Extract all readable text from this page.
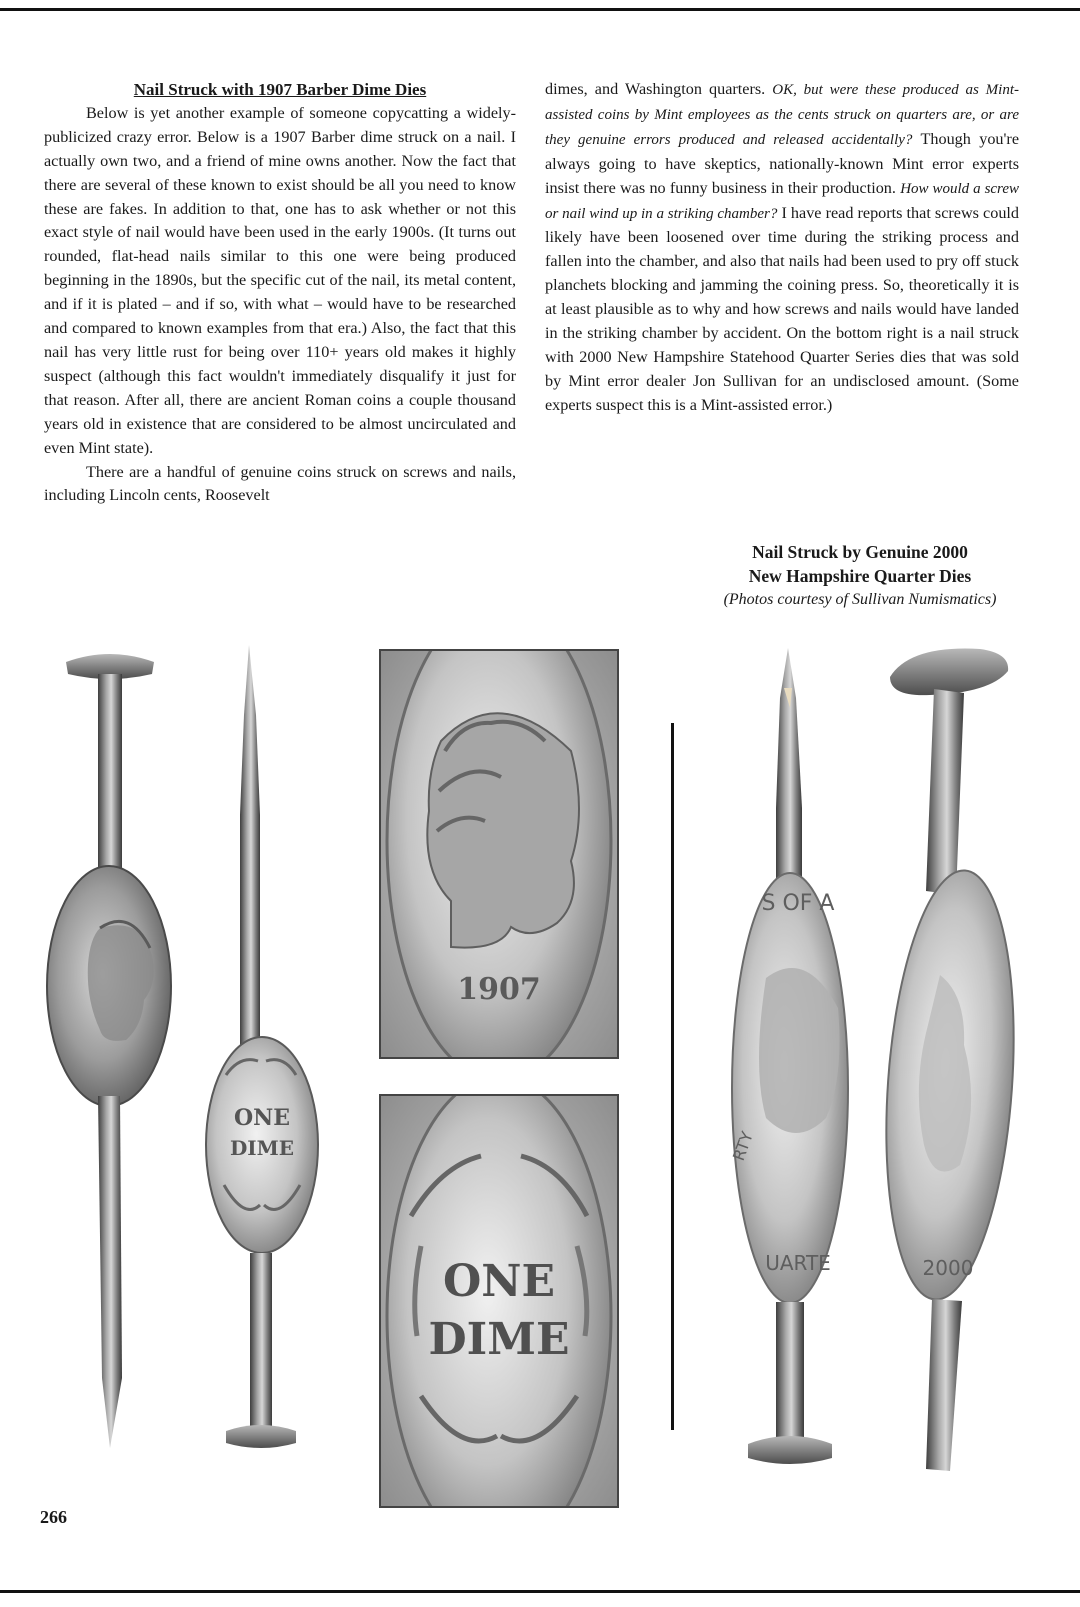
Nail Struck with 1907 Barber Dime Dies

Below is yet another example of someone copycatting a widely-publicized crazy error. Below is a 1907 Barber dime struck on a nail. I actually own two, and a friend of mine owns another. Now the fact that there are several of these known to exist should be all you need to know these are fakes. In addition to that, one has to ask whether or not this exact style of nail would have been used in the early 1900s. (It turns out rounded, flat-head nails similar to this one were being produced beginning in the 1890s, but the specific cut of the nail, its metal content, and if it is plated – and if so, with what – would have to be researched and compared to known examples from that era.) Also, the fact that this nail has very little rust for being over 110+ years old makes it highly suspect (although this fact wouldn't immediately disqualify it just for that reason. After all, there are ancient Roman coins a couple thousand years old in existence that are considered to be almost uncirculated and even Mint state).

There are a handful of genuine coins struck on screws and nails, including Lincoln cents, Roosevelt

dimes, and Washington quarters. OK, but were these produced as Mint-assisted coins by Mint employees as the cents struck on quarters are, or are they genuine errors produced and released accidentally? Though you're always going to have skeptics, nationally-known Mint error experts insist there was no funny business in their production. How would a screw or nail wind up in a striking chamber? I have read reports that screws could likely have been loosened over time during the striking process and fallen into the chamber, and also that nails had been used to pry off stuck planchets blocking and jamming the coining press. So, theoretically it is at least plausible as to why and how screws and nails would have landed in the striking chamber by accident. On the bottom right is a nail struck with 2000 New Hampshire Statehood Quarter Series dies that was sold by Mint error dealer Jon Sullivan for an undisclosed amount. (Some experts suspect this is a Mint-assisted error.)

Nail Struck by Genuine 2000
New Hampshire Quarter Dies
(Photos courtesy of Sullivan Numismatics)
ONE
DIME
1907
ONE
DIME
S OF A
RTY
UARTE	2000
266
